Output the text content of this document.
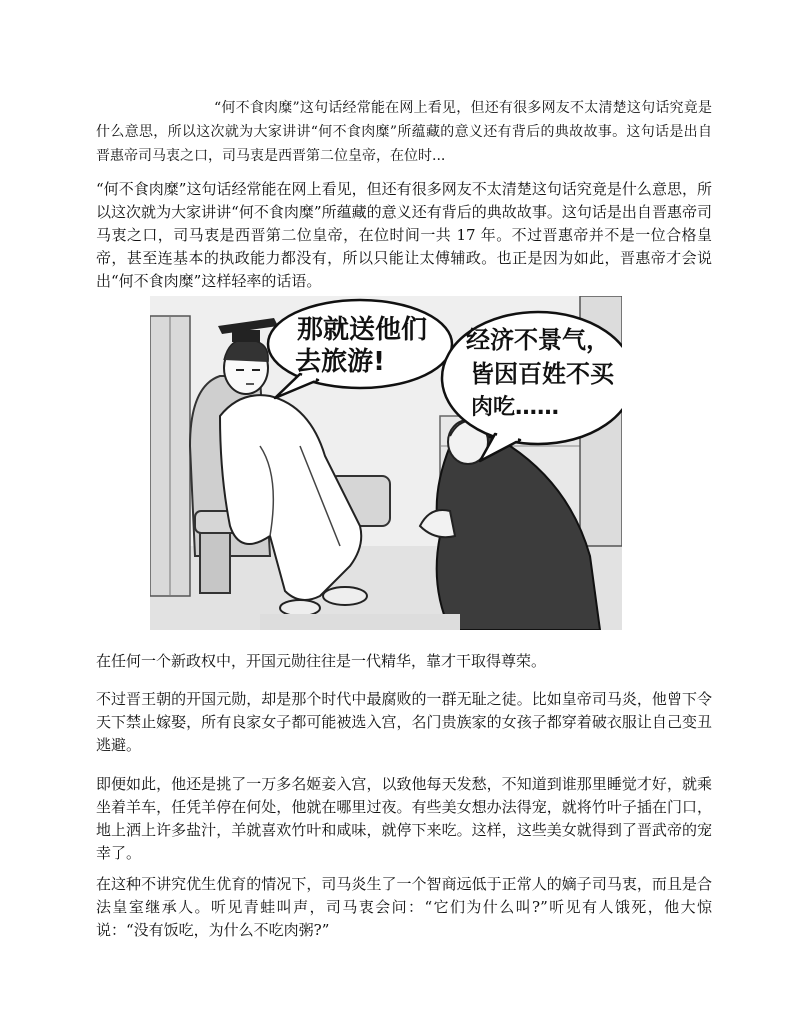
“何不食肉糜”这句话经常能在网上看见，但还有很多网友不太清楚这句话究竟是什么意思，所以这次就为大家讲讲“何不食肉糜”所蕴藏的意义还有背后的典故故事。这句话是出自晋惠帝司马衷之口，司马衷是西晋第二位皇帝，在位时...

“何不食肉糜”这句话经常能在网上看见，但还有很多网友不太清楚这句话究竟是什么意思，所以这次就为大家讲讲“何不食肉糜”所蕴藏的意义还有背后的典故故事。这句话是出自晋惠帝司马衷之口，司马衷是西晋第二位皇帝，在位时间一共 17 年。不过晋惠帝并不是一位合格皇帝，甚至连基本的执政能力都没有，所以只能让太傅辅政。也正是因为如此，晋惠帝才会说出“何不食肉糜”这样轻率的话语。

那就送他们
去旅游!
经济不景气，
皆因百姓不买
肉吃……

在任何一个新政权中，开国元勋往往是一代精华，靠才干取得尊荣。

不过晋王朝的开国元勋，却是那个时代中最腐败的一群无耻之徒。比如皇帝司马炎，他曾下令天下禁止嫁娶，所有良家女子都可能被选入宫，名门贵族家的女孩子都穿着破衣服让自己变丑逃避。

即便如此，他还是挑了一万多名姬妾入宫，以致他每天发愁，不知道到谁那里睡觉才好，就乘坐着羊车，任凭羊停在何处，他就在哪里过夜。有些美女想办法得宠，就将竹叶子插在门口，地上洒上许多盐汁，羊就喜欢竹叶和咸味，就停下来吃。这样，这些美女就得到了晋武帝的宠幸了。

在这种不讲究优生优育的情况下，司马炎生了一个智商远低于正常人的嫡子司马衷，而且是合法皇室继承人。听见青蛙叫声，司马衷会问：“它们为什么叫?”听见有人饿死，他大惊说：“没有饭吃，为什么不吃肉粥?”
